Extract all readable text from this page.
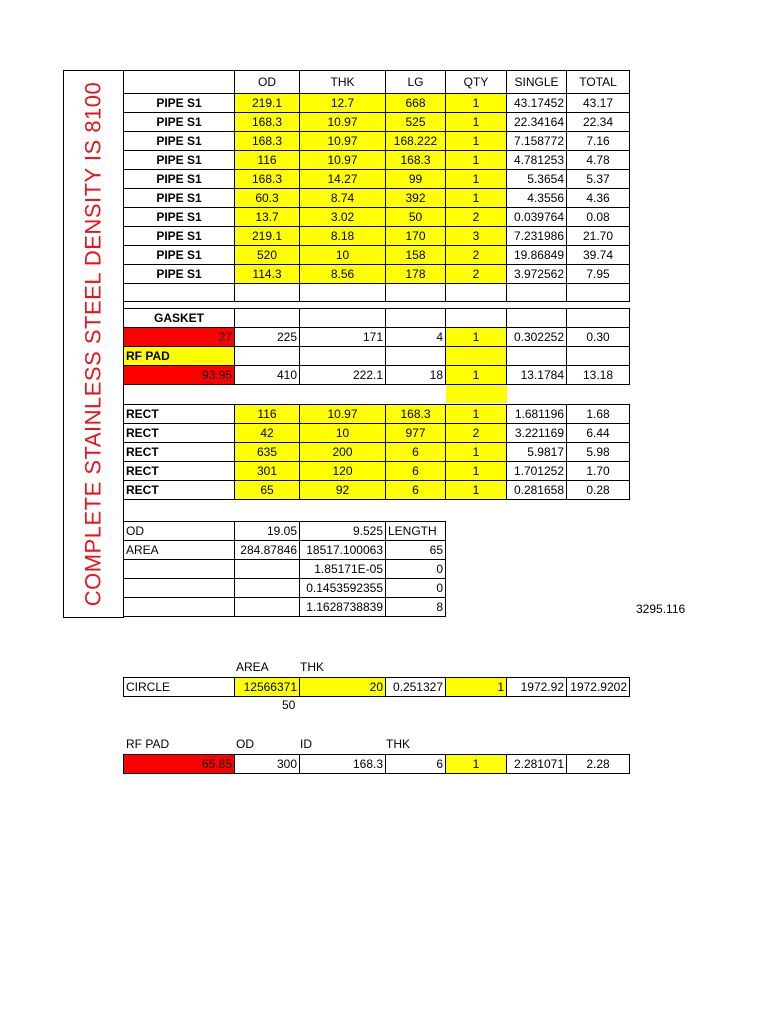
COMPLETE STAINLESS STEEL DENSITY IS 8100
		OD	THK	LG	QTY	SINGLE	TOTAL
PIPE S1	219.1	12.7	668	1	43.17452	43.17
PIPE S1	168.3	10.97	525	1	22.34164	22.34
PIPE S1	168.3	10.97	168.222	1	7.158772	7.16
PIPE S1	116	10.97	168.3	1	4.781253	4.78
PIPE S1	168.3	14.27	99	1	5.3654	5.37
PIPE S1	60.3	8.74	392	1	4.3556	4.36
PIPE S1	13.7	3.02	50	2	0.039764	0.08
PIPE S1	219.1	8.18	170	3	7.231986	21.70
PIPE S1	520	10	158	2	19.86849	39.74
PIPE S1	114.3	8.56	178	2	3.972562	7.95

GASKET						
27	225	171	4	1	0.302252	0.30
RF PAD						
93.95	410	222.1	18	1	13.1784	13.18

RECT	116	10.97	168.3	1	1.681196	1.68
RECT	42	10	977	2	3.221169	6.44
RECT	635	200	6	1	5.9817	5.98
RECT	301	120	6	1	1.701252	1.70
RECT	65	92	6	1	0.281658	0.28
OD	19.05	9.525	LENGTH
AREA	284.87846	18517.100063	65
		1.85171E-05	0
		0.1453592355	0
		1.1628738839	8	3295.116
AREA	THK
CIRCLE	12566371	20	0.251327	1	1972.92	1972.9202
50
RF PAD	OD	ID	THK
65.85	300	168.3	6	1	2.281071	2.28
